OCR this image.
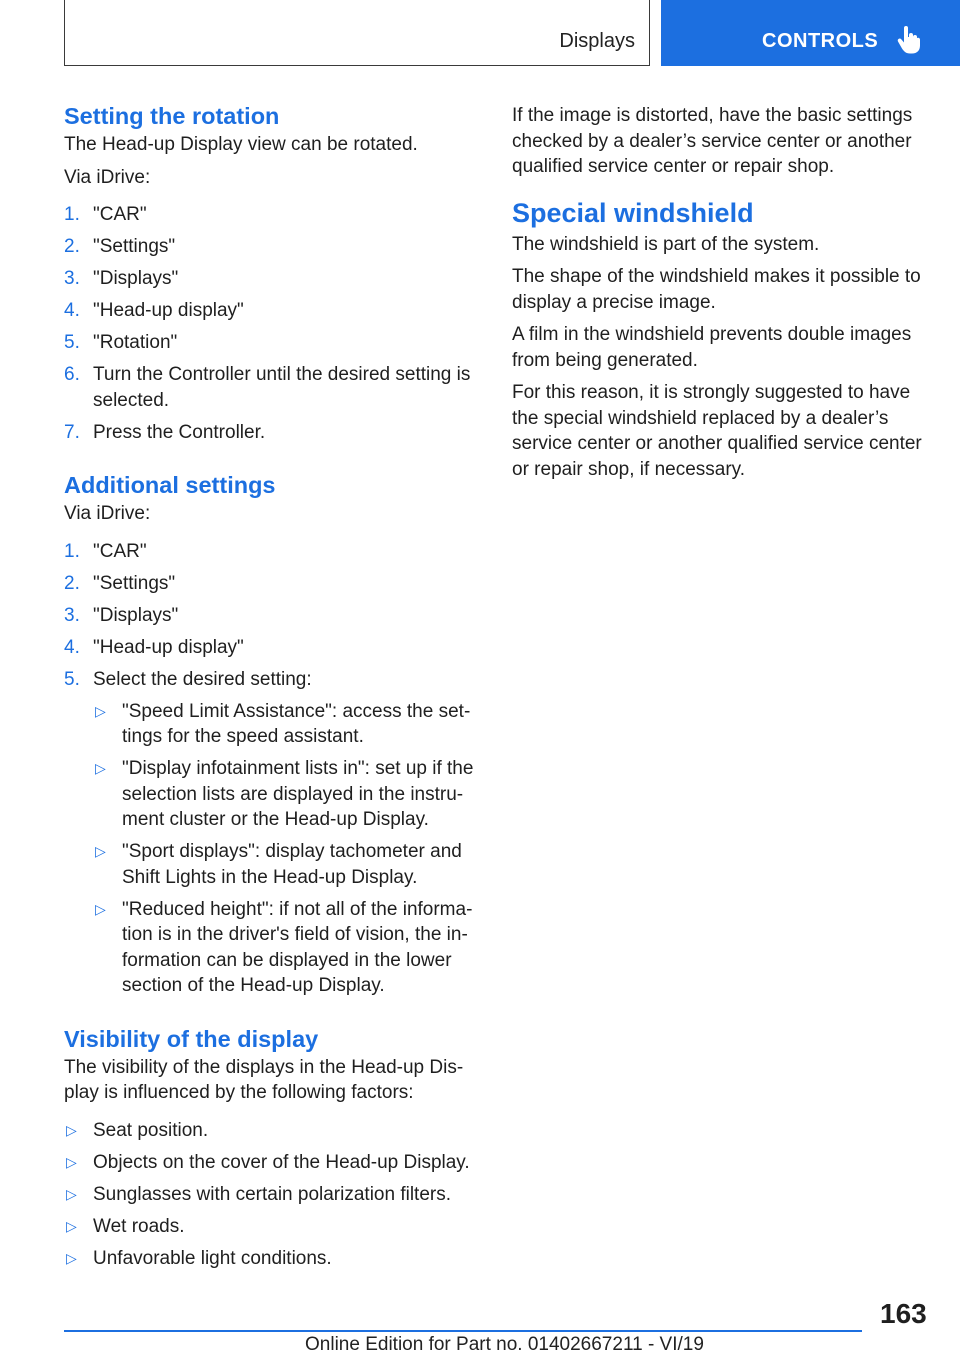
Displays	CONTROLS
Setting the rotation

The Head-up Display view can be rotated.

Via iDrive:

1. "CAR"
2. "Settings"
3. "Displays"
4. "Head-up display"
5. "Rotation"
6. Turn the Controller until the desired setting is selected.
7. Press the Controller.
Additional settings

Via iDrive:

1. "CAR"
2. "Settings"
3. "Displays"
4. "Head-up display"
5. Select the desired setting:
▷ "Speed Limit Assistance": access the settings for the speed assistant.
▷ "Display infotainment lists in": set up if the selection lists are displayed in the instrument cluster or the Head-up Display.
▷ "Sport displays": display tachometer and Shift Lights in the Head-up Display.
▷ "Reduced height": if not all of the information is in the driver's field of vision, the information can be displayed in the lower section of the Head-up Display.
Visibility of the display

The visibility of the displays in the Head-up Display is influenced by the following factors:

▷ Seat position.
▷ Objects on the cover of the Head-up Display.
▷ Sunglasses with certain polarization filters.
▷ Wet roads.
▷ Unfavorable light conditions.

If the image is distorted, have the basic settings checked by a dealer’s service center or another qualified service center or repair shop.

Special windshield

The windshield is part of the system.

The shape of the windshield makes it possible to display a precise image.

A film in the windshield prevents double images from being generated.

For this reason, it is strongly suggested to have the special windshield replaced by a dealer’s service center or another qualified service center or repair shop, if necessary.

163
Online Edition for Part no. 01402667211 - VI/19
